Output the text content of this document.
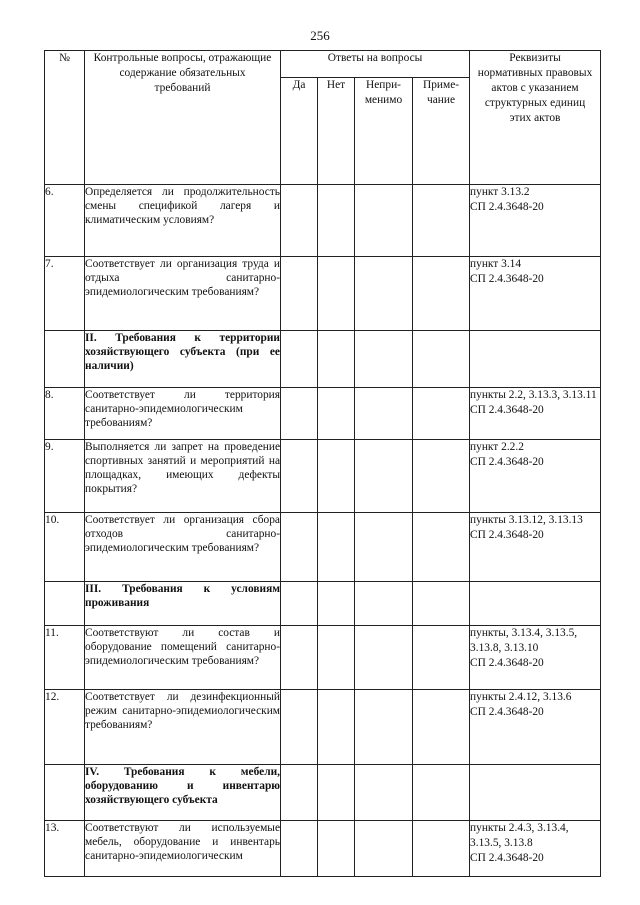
256
№	Контрольные вопросы, отражающие содержание обязательных требований	Ответы на вопросы				Реквизиты нормативных правовых актов с указанием структурных единиц этих актов
		Да	Нет	Непри-менимо	Приме-чание	
6.	Определяется ли продолжительность смены спецификой лагеря и климатическим условиям?					пункт 3.13.2
СП 2.4.3648-20

7.	Соответствует ли организация труда и отдыха санитарно-эпидемиологическим требованиям?					пункт 3.14
СП 2.4.3648-20

	II. Требования к территории хозяйствующего субъекта (при ее наличии)					
8.	Соответствует ли территория санитарно-эпидемиологическим требованиям?					пункты 2.2, 3.13.3, 3.13.11
СП 2.4.3648-20

9.	Выполняется ли запрет на проведение спортивных занятий и мероприятий на площадках, имеющих дефекты покрытия?					пункт 2.2.2
СП 2.4.3648-20

10.	Соответствует ли организация сбора отходов санитарно-эпидемиологическим требованиям?					пункты 3.13.12, 3.13.13
СП 2.4.3648-20

	III. Требования к условиям проживания					
11.	Соответствуют ли состав и оборудование помещений санитарно-эпидемиологическим требованиям?					пункты, 3.13.4, 3.13.5, 3.13.8, 3.13.10
СП 2.4.3648-20

12.	Соответствует ли дезинфекционный режим санитарно-эпидемиологическим требованиям?					пункты 2.4.12, 3.13.6
СП 2.4.3648-20

	IV. Требования к мебели, оборудованию и инвентарю хозяйствующего субъекта					
13.	Соответствуют ли используемые мебель, оборудование и инвентарь санитарно-эпидемиологическим					пункты 2.4.3, 3.13.4, 3.13.5, 3.13.8
СП 2.4.3648-20
